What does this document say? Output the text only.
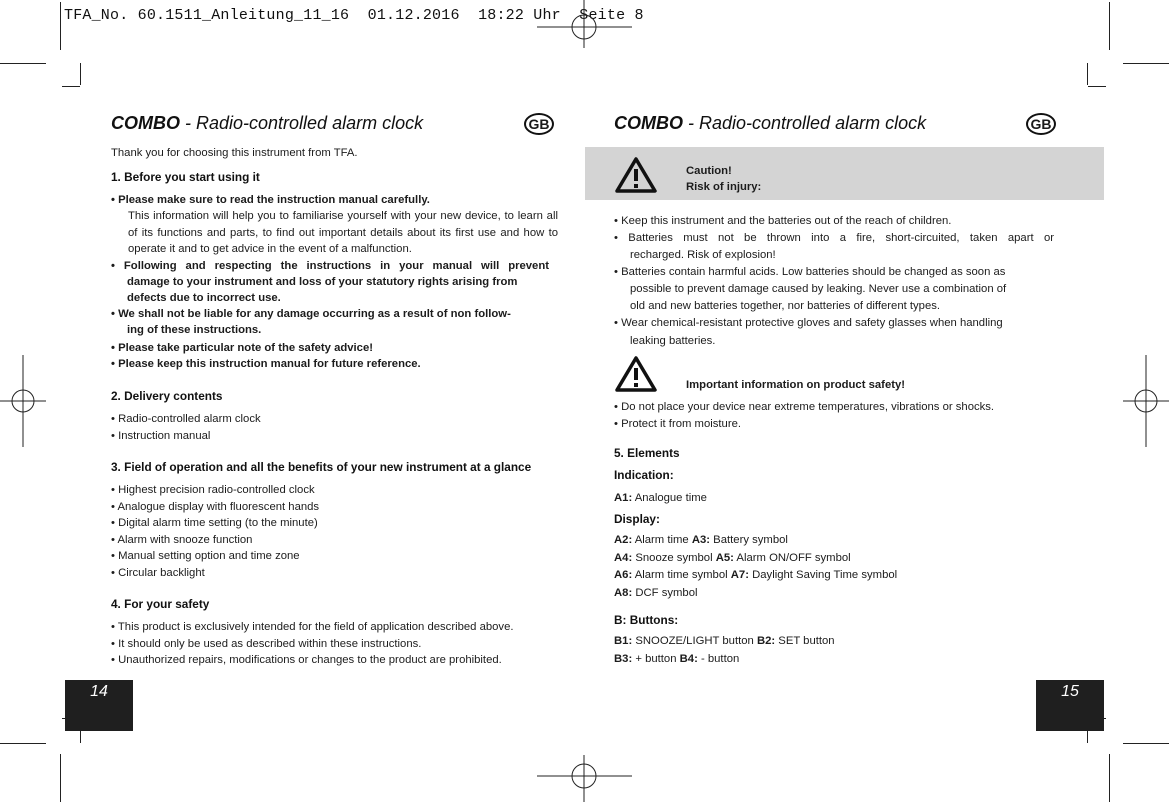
TFA_No. 60.1511_Anleitung_11_16  01.12.2016  18:22 Uhr  Seite 8
COMBO - Radio-controlled alarm clock	GB
Thank you for choosing this instrument from TFA.
1. Before you start using it
• Please make sure to read the instruction manual carefully.
This information will help you to familiarise yourself with your new device, to learn all of its functions and parts, to find out important details about its first use and how to operate it and to get advice in the event of a malfunction.
• Following and respecting the instructions in your manual will prevent
damage to your instrument and loss of your statutory rights arising from
defects due to incorrect use.
• We shall not be liable for any damage occurring as a result of non follow-
ing of these instructions.
• Please take particular note of the safety advice!
• Please keep this instruction manual for future reference.
2. Delivery contents
• Radio-controlled alarm clock
• Instruction manual
3. Field of operation and all the benefits of your new instrument at a glance
• Highest precision radio-controlled clock
• Analogue display with fluorescent hands
• Digital alarm time setting (to the minute)
• Alarm with snooze function
• Manual setting option and time zone
• Circular backlight
4. For your safety
• This product is exclusively intended for the field of application described above.
• It should only be used as described within these instructions.
• Unauthorized repairs, modifications or changes to the product are prohibited.
14
COMBO - Radio-controlled alarm clock	GB
Caution!
Risk of injury:
• Keep this instrument and the batteries out of the reach of children.
• Batteries must not be thrown into a fire, short-circuited, taken apart or
recharged. Risk of explosion!
• Batteries contain harmful acids. Low batteries should be changed as soon as
possible to prevent damage caused by leaking. Never use a combination of
old and new batteries together, nor batteries of different types.
• Wear chemical-resistant protective gloves and safety glasses when handling
leaking batteries.
Important information on product safety!
• Do not place your device near extreme temperatures, vibrations or shocks.
• Protect it from moisture.
5. Elements
Indication:
A1: Analogue time
Display:
A2: Alarm time A3: Battery symbol
A4: Snooze symbol A5: Alarm ON/OFF symbol
A6: Alarm time symbol A7: Daylight Saving Time symbol
A8: DCF symbol
B: Buttons:
B1: SNOOZE/LIGHT button B2: SET button
B3: + button B4: - button
15
